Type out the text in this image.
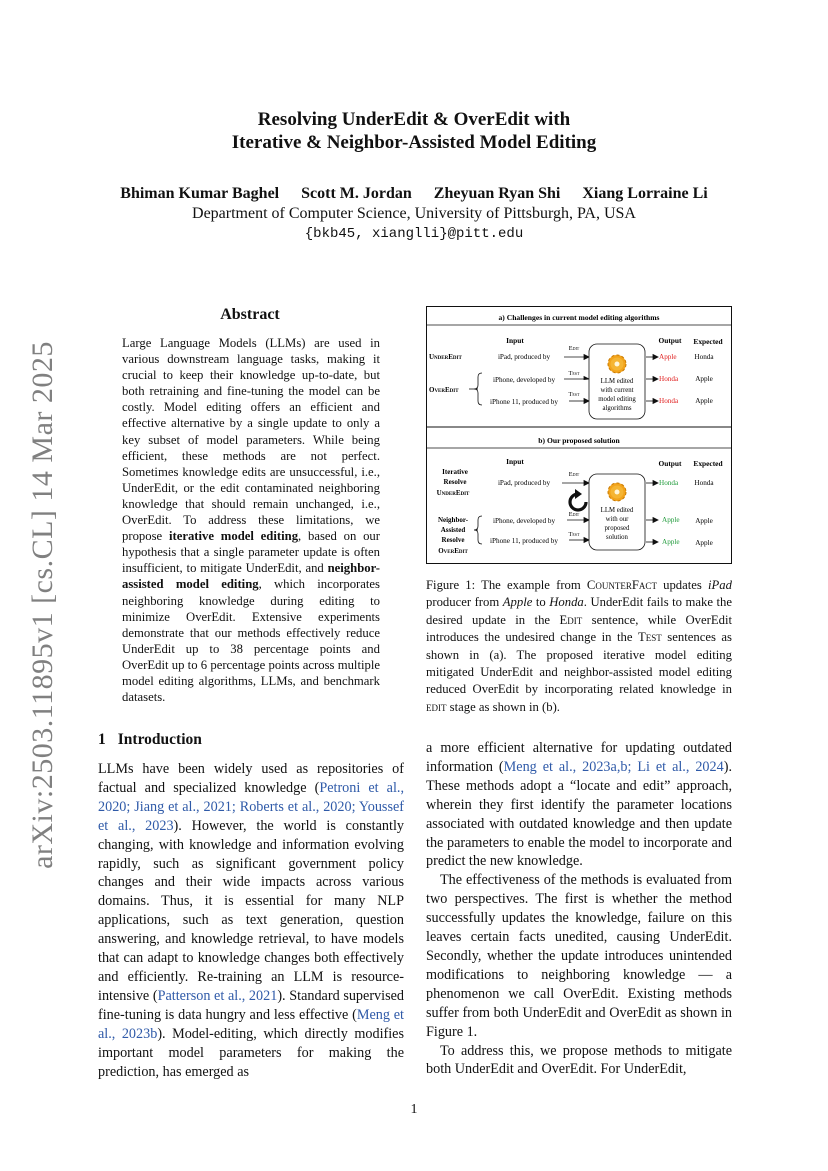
arXiv:2503.11895v1 [cs.CL] 14 Mar 2025
Resolving UnderEdit & OverEdit with
Iterative & Neighbor-Assisted Model Editing
Bhiman Kumar Baghel Scott M. Jordan Zheyuan Ryan Shi Xiang Lorraine Li
Department of Computer Science, University of Pittsburgh, PA, USA
{bkb45, xianglli}@pitt.edu
Abstract
Large Language Models (LLMs) are used in various downstream language tasks, making it crucial to keep their knowledge up-to-date, but both retraining and fine-tuning the model can be costly. Model editing offers an efficient and effective alternative by a single update to only a key subset of model parameters. While being efficient, these methods are not perfect. Sometimes knowledge edits are unsuccessful, i.e., UnderEdit, or the edit contaminated neighboring knowledge that should remain unchanged, i.e., OverEdit. To address these limitations, we propose iterative model editing, based on our hypothesis that a single parameter update is often insufficient, to mitigate UnderEdit, and neighbor-assisted model editing, which incorporates neighboring knowledge during editing to minimize OverEdit. Extensive experiments demonstrate that our methods effectively reduce UnderEdit up to 38 percentage points and OverEdit up to 6 percentage points across multiple model editing algorithms, LLMs, and benchmark datasets.
a) Challenges in current model editing algorithms
b) Our proposed solution
Input	Output Expected
UnderEdit
OverEdit
iPad, produced by
iPhone, developed by
iPhone 11, produced by
Edit
Test
Test
LLM edited
with current
model editing
algorithms
Apple
Honda
Honda
Honda
Apple
Apple
Input	Output Expected
Iterative
Resolve
UnderEdit
Neighbor-
Assisted
Resolve
OverEdit
iPad, produced by
iPhone, developed by
iPhone 11, produced by
Edit
Edit
Test
LLM edited
with our
proposed
solution
Honda
Apple
Apple
Honda
Apple
Apple
Figure 1: The example from CounterFact updates iPad producer from Apple to Honda. UnderEdit fails to make the desired update in the Edit sentence, while OverEdit introduces the undesired change in the Test sentences as shown in (a). The proposed iterative model editing mitigated UnderEdit and neighbor-assisted model editing reduced OverEdit by incorporating related knowledge in edit stage as shown in (b).
1 Introduction

LLMs have been widely used as repositories of factual and specialized knowledge (Petroni et al., 2020; Jiang et al., 2021; Roberts et al., 2020; Youssef et al., 2023). However, the world is constantly changing, with knowledge and information evolving rapidly, such as significant government policy changes and their wide impacts across various domains. Thus, it is essential for many NLP applications, such as text generation, question answering, and knowledge retrieval, to have models that can adapt to knowledge changes both effectively and efficiently. Re-training an LLM is resource-intensive (Patterson et al., 2021). Standard supervised fine-tuning is data hungry and less effective (Meng et al., 2023b). Model-editing, which directly modifies important model parameters for making the prediction, has emerged as

a more efficient alternative for updating outdated information (Meng et al., 2023a,b; Li et al., 2024). These methods adopt a “locate and edit” approach, wherein they first identify the parameter locations associated with outdated knowledge and then update the parameters to enable the model to incorporate and predict the new knowledge.

The effectiveness of the methods is evaluated from two perspectives. The first is whether the method successfully updates the knowledge, failure on this leaves certain facts unedited, causing UnderEdit. Secondly, whether the update introduces unintended modifications to neighboring knowledge — a phenomenon we call OverEdit. Existing methods suffer from both UnderEdit and OverEdit as shown in Figure 1.

To address this, we propose methods to mitigate both UnderEdit and OverEdit. For UnderEdit,

1
